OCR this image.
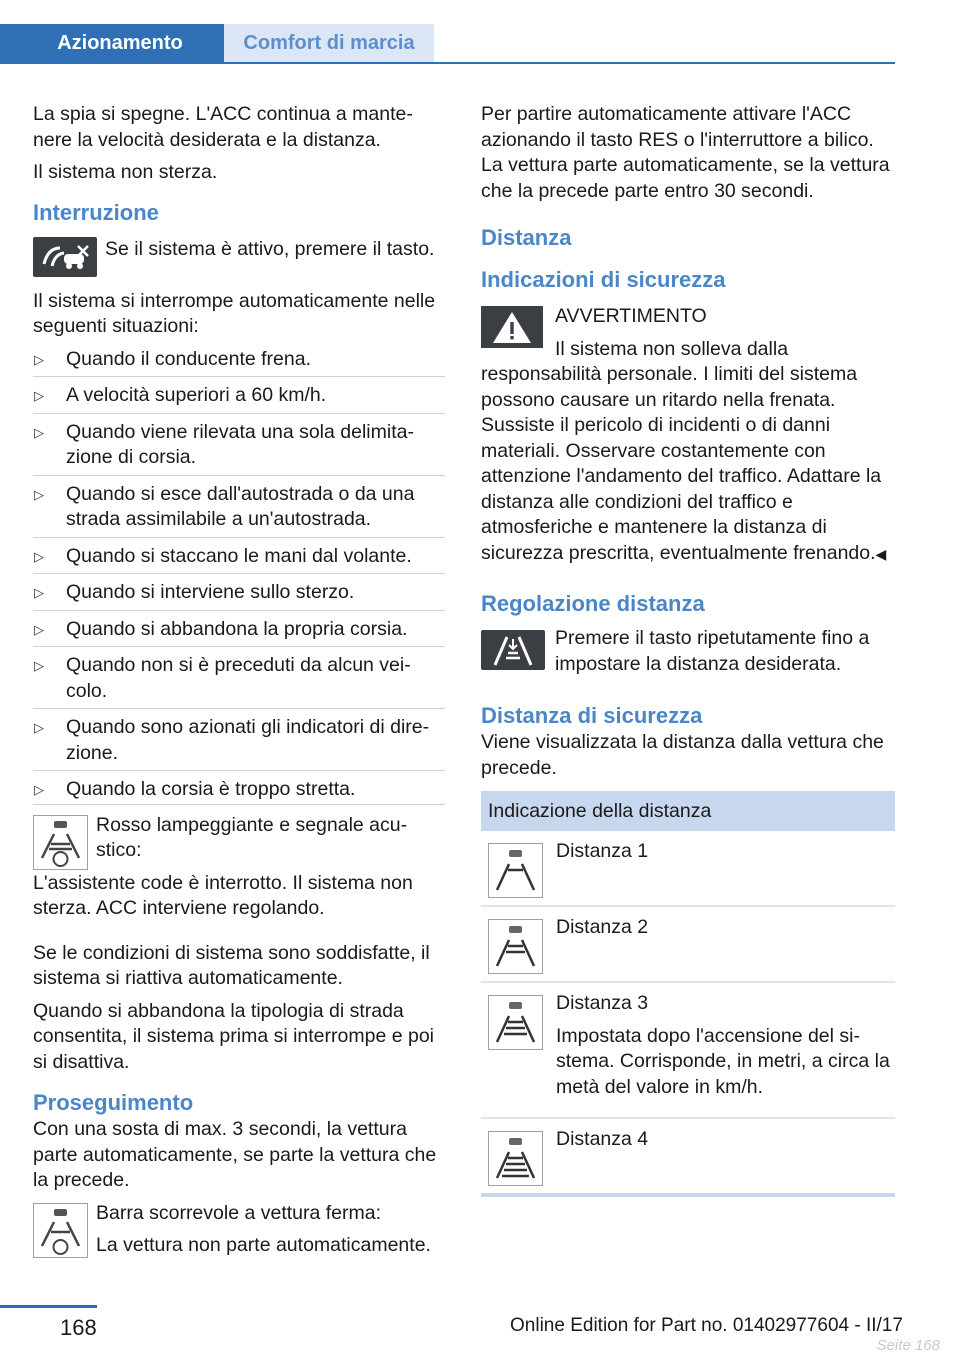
Azionamento	Comfort di marcia

La spia si spegne. L'ACC continua a mantenere la velocità desiderata e la distanza.

Il sistema non sterza.

Interruzione

Se il sistema è attivo, premere il tasto.

Il sistema si interrompe automaticamente nelle seguenti situazioni:

▷ Quando il conducente frena.
▷ A velocità superiori a 60 km/h.
▷ Quando viene rilevata una sola delimitazione di corsia.
▷ Quando si esce dall'autostrada o da una strada assimilabile a un'autostrada.
▷ Quando si staccano le mani dal volante.
▷ Quando si interviene sullo sterzo.
▷ Quando si abbandona la propria corsia.
▷ Quando non si è preceduti da alcun veicolo.
▷ Quando sono azionati gli indicatori di direzione.
▷ Quando la corsia è troppo stretta.

Rosso lampeggiante e segnale acustico:

L'assistente code è interrotto. Il sistema non sterza. ACC interviene regolando.

Se le condizioni di sistema sono soddisfatte, il sistema si riattiva automaticamente.

Quando si abbandona la tipologia di strada consentita, il sistema prima si interrompe e poi si disattiva.

Proseguimento

Con una sosta di max. 3 secondi, la vettura parte automaticamente, se parte la vettura che la precede.

Barra scorrevole a vettura ferma:

La vettura non parte automaticamente.

Per partire automaticamente attivare l'ACC azionando il tasto RES o l'interruttore a bilico. La vettura parte automaticamente, se la vettura che la precede parte entro 30 secondi.

Distanza
Indicazioni di sicurezza

AVVERTIMENTO

Il sistema non solleva dalla responsabilità personale. I limiti del sistema possono causare un ritardo nella frenata. Sussiste il pericolo di incidenti o di danni materiali. Osservare costantemente con attenzione l'andamento del traffico. Adattare la distanza alle condizioni del traffico e atmosferiche e mantenere la distanza di sicurezza prescritta, eventualmente frenando.◀

Regolazione distanza

Premere il tasto ripetutamente fino a impostare la distanza desiderata.

Distanza di sicurezza

Viene visualizzata la distanza dalla vettura che precede.

Indicazione della distanza

Distanza 1

Distanza 2

Distanza 3

Impostata dopo l'accensione del sistema. Corrisponde, in metri, a circa la metà del valore in km/h.

Distanza 4

168	Online Edition for Part no. 01402977604 - II/17
Seite 168
